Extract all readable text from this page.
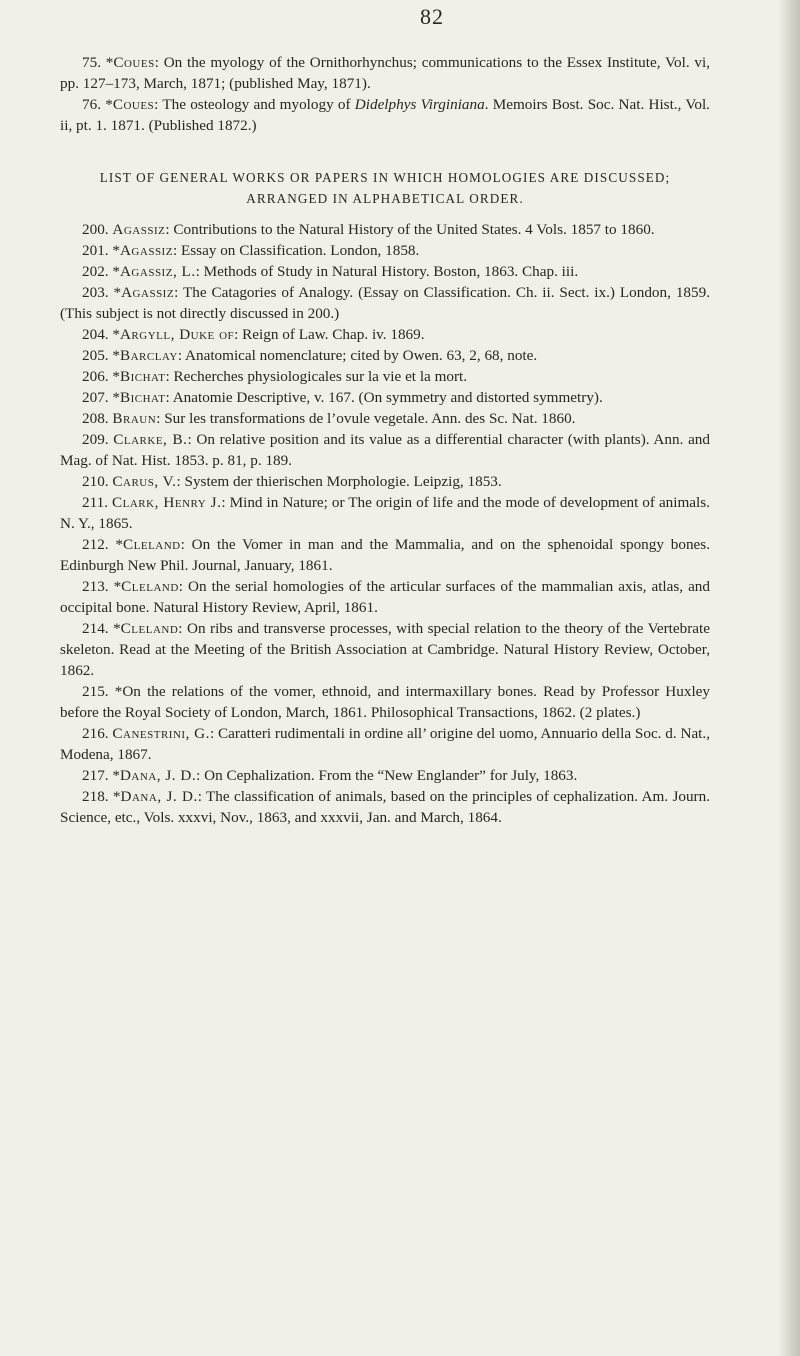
82

75. *Coues: On the myology of the Ornithorhynchus; communications to the Essex Institute, Vol. vi, pp. 127–173, March, 1871; (published May, 1871).

76. *Coues: The osteology and myology of Didelphys Virginiana. Memoirs Bost. Soc. Nat. Hist., Vol. ii, pt. 1. 1871. (Published 1872.)

LIST OF GENERAL WORKS OR PAPERS IN WHICH HOMOLOGIES ARE DISCUSSED; ARRANGED IN ALPHABETICAL ORDER.

200. Agassiz: Contributions to the Natural History of the United States. 4 Vols. 1857 to 1860.

201. *Agassiz: Essay on Classification. London, 1858.

202. *Agassiz, L.: Methods of Study in Natural History. Boston, 1863. Chap. iii.

203. *Agassiz: The Catagories of Analogy. (Essay on Classification. Ch. ii. Sect. ix.) London, 1859. (This subject is not directly discussed in 200.)

204. *Argyll, Duke of: Reign of Law. Chap. iv. 1869.

205. *Barclay: Anatomical nomenclature; cited by Owen. 63, 2, 68, note.

206. *Bichat: Recherches physiologicales sur la vie et la mort.

207. *Bichat: Anatomie Descriptive, v. 167. (On symmetry and distorted symmetry).

208. Braun: Sur les transformations de l’ovule vegetale. Ann. des Sc. Nat. 1860.

209. Clarke, B.: On relative position and its value as a differential character (with plants). Ann. and Mag. of Nat. Hist. 1853. p. 81, p. 189.

210. Carus, V.: System der thierischen Morphologie. Leipzig, 1853.

211. Clark, Henry J.: Mind in Nature; or The origin of life and the mode of development of animals. N. Y., 1865.

212. *Cleland: On the Vomer in man and the Mammalia, and on the sphenoidal spongy bones. Edinburgh New Phil. Journal, January, 1861.

213. *Cleland: On the serial homologies of the articular surfaces of the mammalian axis, atlas, and occipital bone. Natural History Review, April, 1861.

214. *Cleland: On ribs and transverse processes, with special relation to the theory of the Vertebrate skeleton. Read at the Meeting of the British Association at Cambridge. Natural History Review, October, 1862.

215. *On the relations of the vomer, ethnoid, and intermaxillary bones. Read by Professor Huxley before the Royal Society of London, March, 1861. Philosophical Transactions, 1862. (2 plates.)

216. Canestrini, G.: Caratteri rudimentali in ordine all’ origine del uomo, Annuario della Soc. d. Nat., Modena, 1867.

217. *Dana, J. D.: On Cephalization. From the “New Englander” for July, 1863.

218. *Dana, J. D.: The classification of animals, based on the principles of cephalization. Am. Journ. Science, etc., Vols. xxxvi, Nov., 1863, and xxxvii, Jan. and March, 1864.
